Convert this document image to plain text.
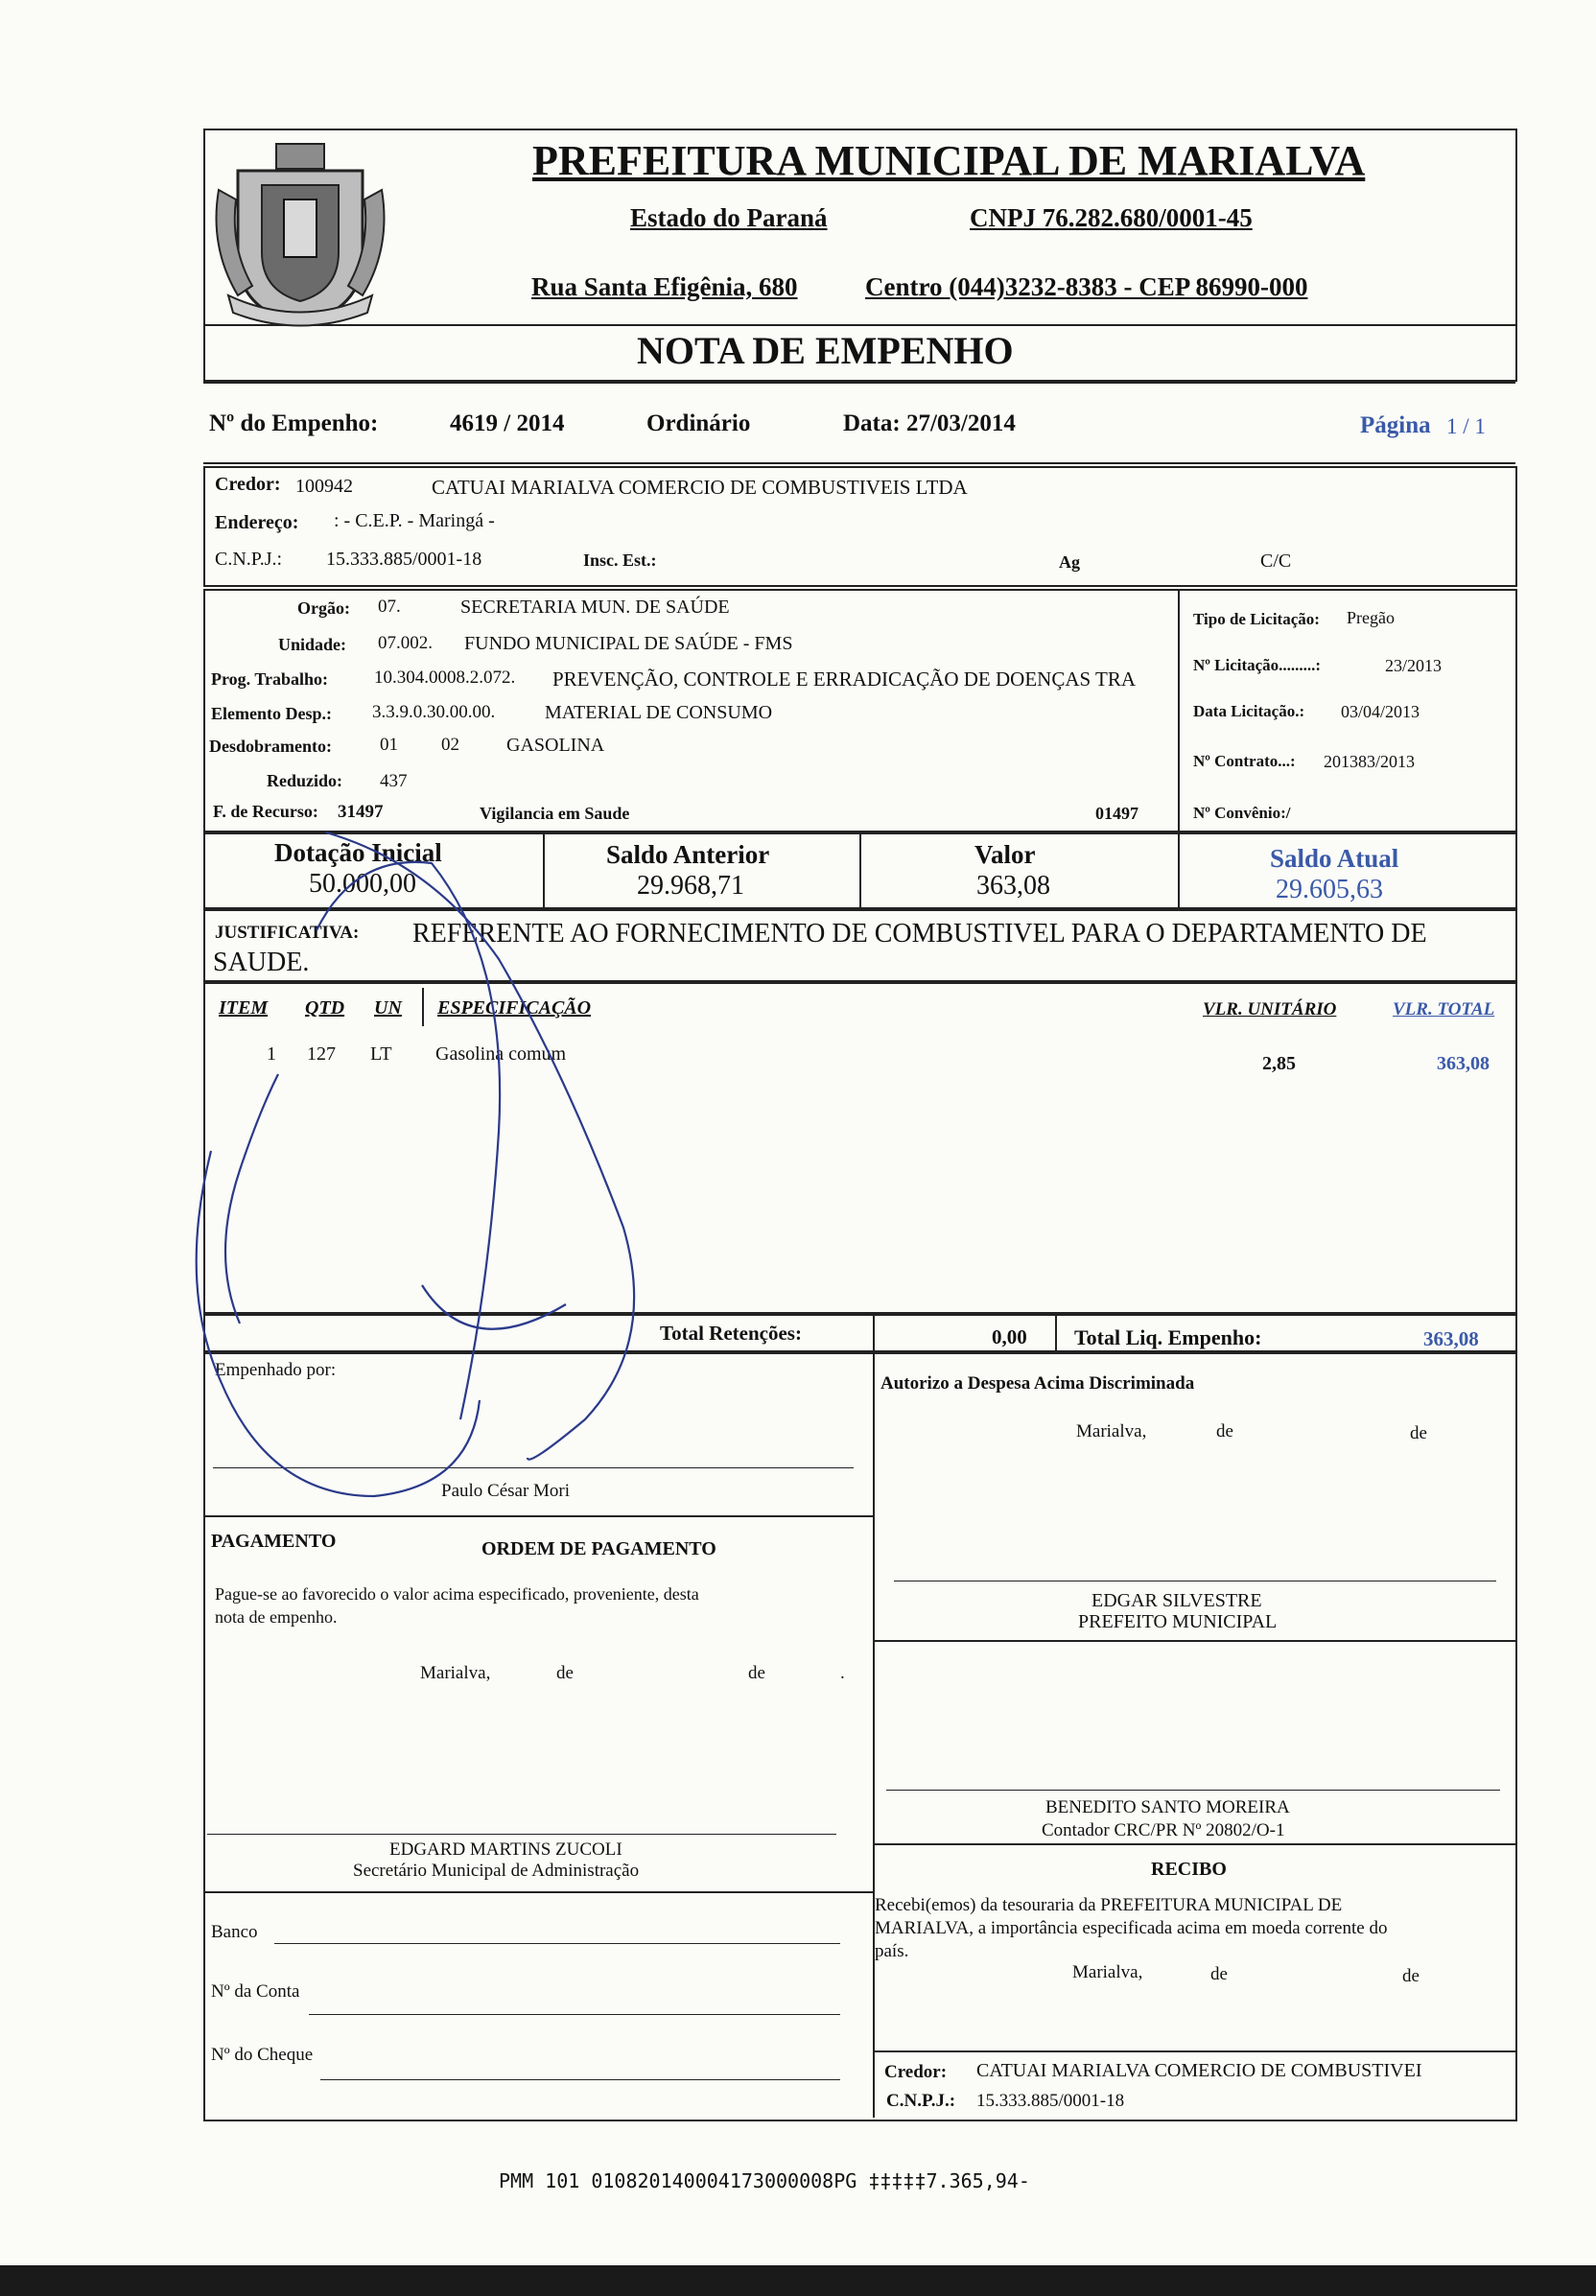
PREFEITURA MUNICIPAL DE MARIALVA
Estado do Paraná	CNPJ 76.282.680/0001-45
Rua Santa Efigênia, 680	Centro (044)3232-8383 - CEP 86990-000
NOTA DE EMPENHO
Nº do Empenho:	4619 / 2014	Ordinário	Data: 27/03/2014	Página 1 / 1
Credor: 100942	CATUAI MARIALVA COMERCIO DE COMBUSTIVEIS LTDA
Endereço: : - C.E.P. - Maringá -
C.N.P.J.: 15.333.885/0001-18	Insc. Est.:	Ag	C/C
Orgão: 07.	SECRETARIA MUN. DE SAÚDE
Unidade: 07.002. FUNDO MUNICIPAL DE SAÚDE - FMS
Prog. Trabalho:	10.304.0008.2.072. PREVENÇÃO, CONTROLE E ERRADICAÇÃO DE DOENÇAS TRA
Elemento Desp.: 3.3.9.0.30.00.00.	MATERIAL DE CONSUMO
Desdobramento:	01 02 GASOLINA
Reduzido: 437
F. de Recurso: 31497	Vigilancia em Saude	01497
Tipo de Licitação: Pregão
Nº Licitação.........:	23/2013
Data Licitação.: 03/04/2013
Nº Contrato...: 201383/2013
Nº Convênio:/
Dotação Inicial
50.000,00
Saldo Anterior
29.968,71
Valor
363,08
Saldo Atual
29.605,63
JUSTIFICATIVA: REFERENTE AO FORNECIMENTO DE COMBUSTIVEL PARA O DEPARTAMENTO DE
SAUDE.
ITEM QTD UN ESPECIFICAÇÃO	VLR. UNITÁRIO	VLR. TOTAL
1 127 LT Gasolina comum	2,85	363,08
Total Retenções:	0,00 Total Liq. Empenho:	363,08
Empenhado por:
Paulo César Mori
Autorizo a Despesa Acima Discriminada
Marialva,	de	de
EDGAR SILVESTRE
PREFEITO MUNICIPAL
PAGAMENTO	ORDEM DE PAGAMENTO
Pague-se ao favorecido o valor acima especificado, proveniente, desta
nota de empenho.
Marialva,	de	de	.
EDGARD MARTINS ZUCOLI
Secretário Municipal de Administração
BENEDITO SANTO MOREIRA
Contador CRC/PR Nº 20802/O-1
RECIBO
Recebi(emos) da tesouraria da PREFEITURA MUNICIPAL DE
MARIALVA, a importância especificada acima em moeda corrente do
país.
Marialva,	de	de
Credor: CATUAI MARIALVA COMERCIO DE COMBUSTIVEI
C.N.P.J.: 15.333.885/0001-18
Banco
Nº da Conta
Nº do Cheque
PMM 101 010820140004173000008PG ‡‡‡‡‡7.365,94-
